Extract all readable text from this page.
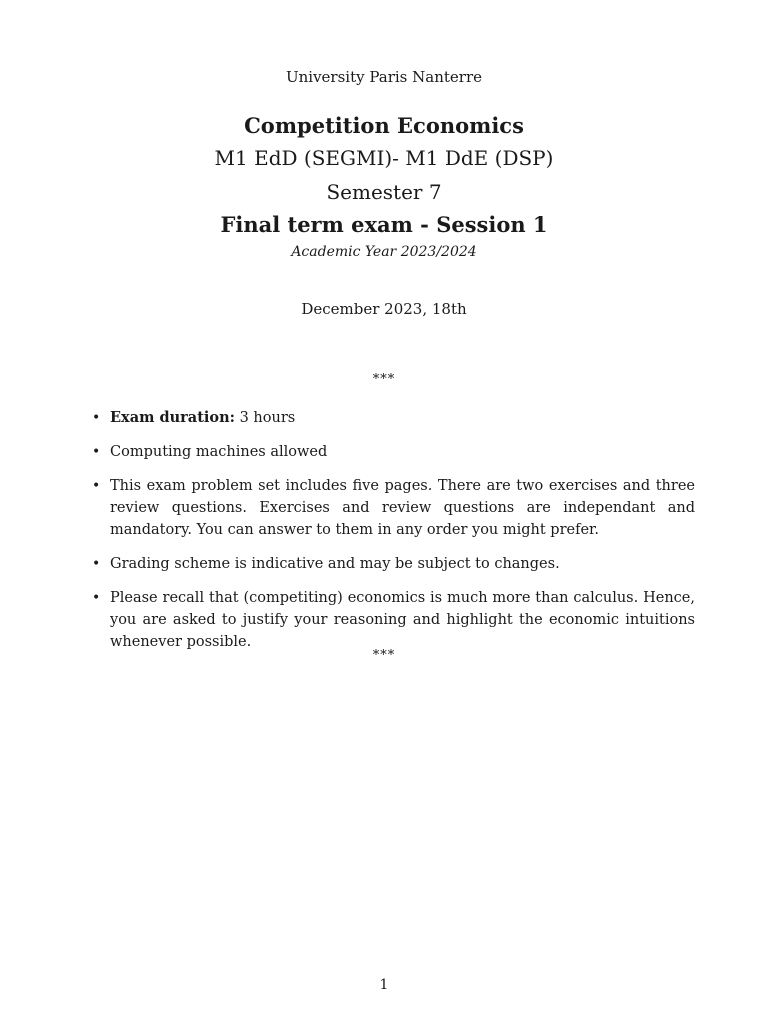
University Paris Nanterre
Competition Economics
M1 EdD (SEGMI)- M1 DdE (DSP)
Semester 7
Final term exam - Session 1
Academic Year 2023/2024
December 2023, 18th
***
• Exam duration: 3 hours
• Computing machines allowed
• This exam problem set includes five pages. There are two exercises and three review questions. Exercises and review questions are independant and mandatory. You can answer to them in any order you might prefer.
• Grading scheme is indicative and may be subject to changes.
• Please recall that (competiting) economics is much more than calculus. Hence, you are asked to justify your reasoning and highlight the economic intuitions whenever possible.
***
1
